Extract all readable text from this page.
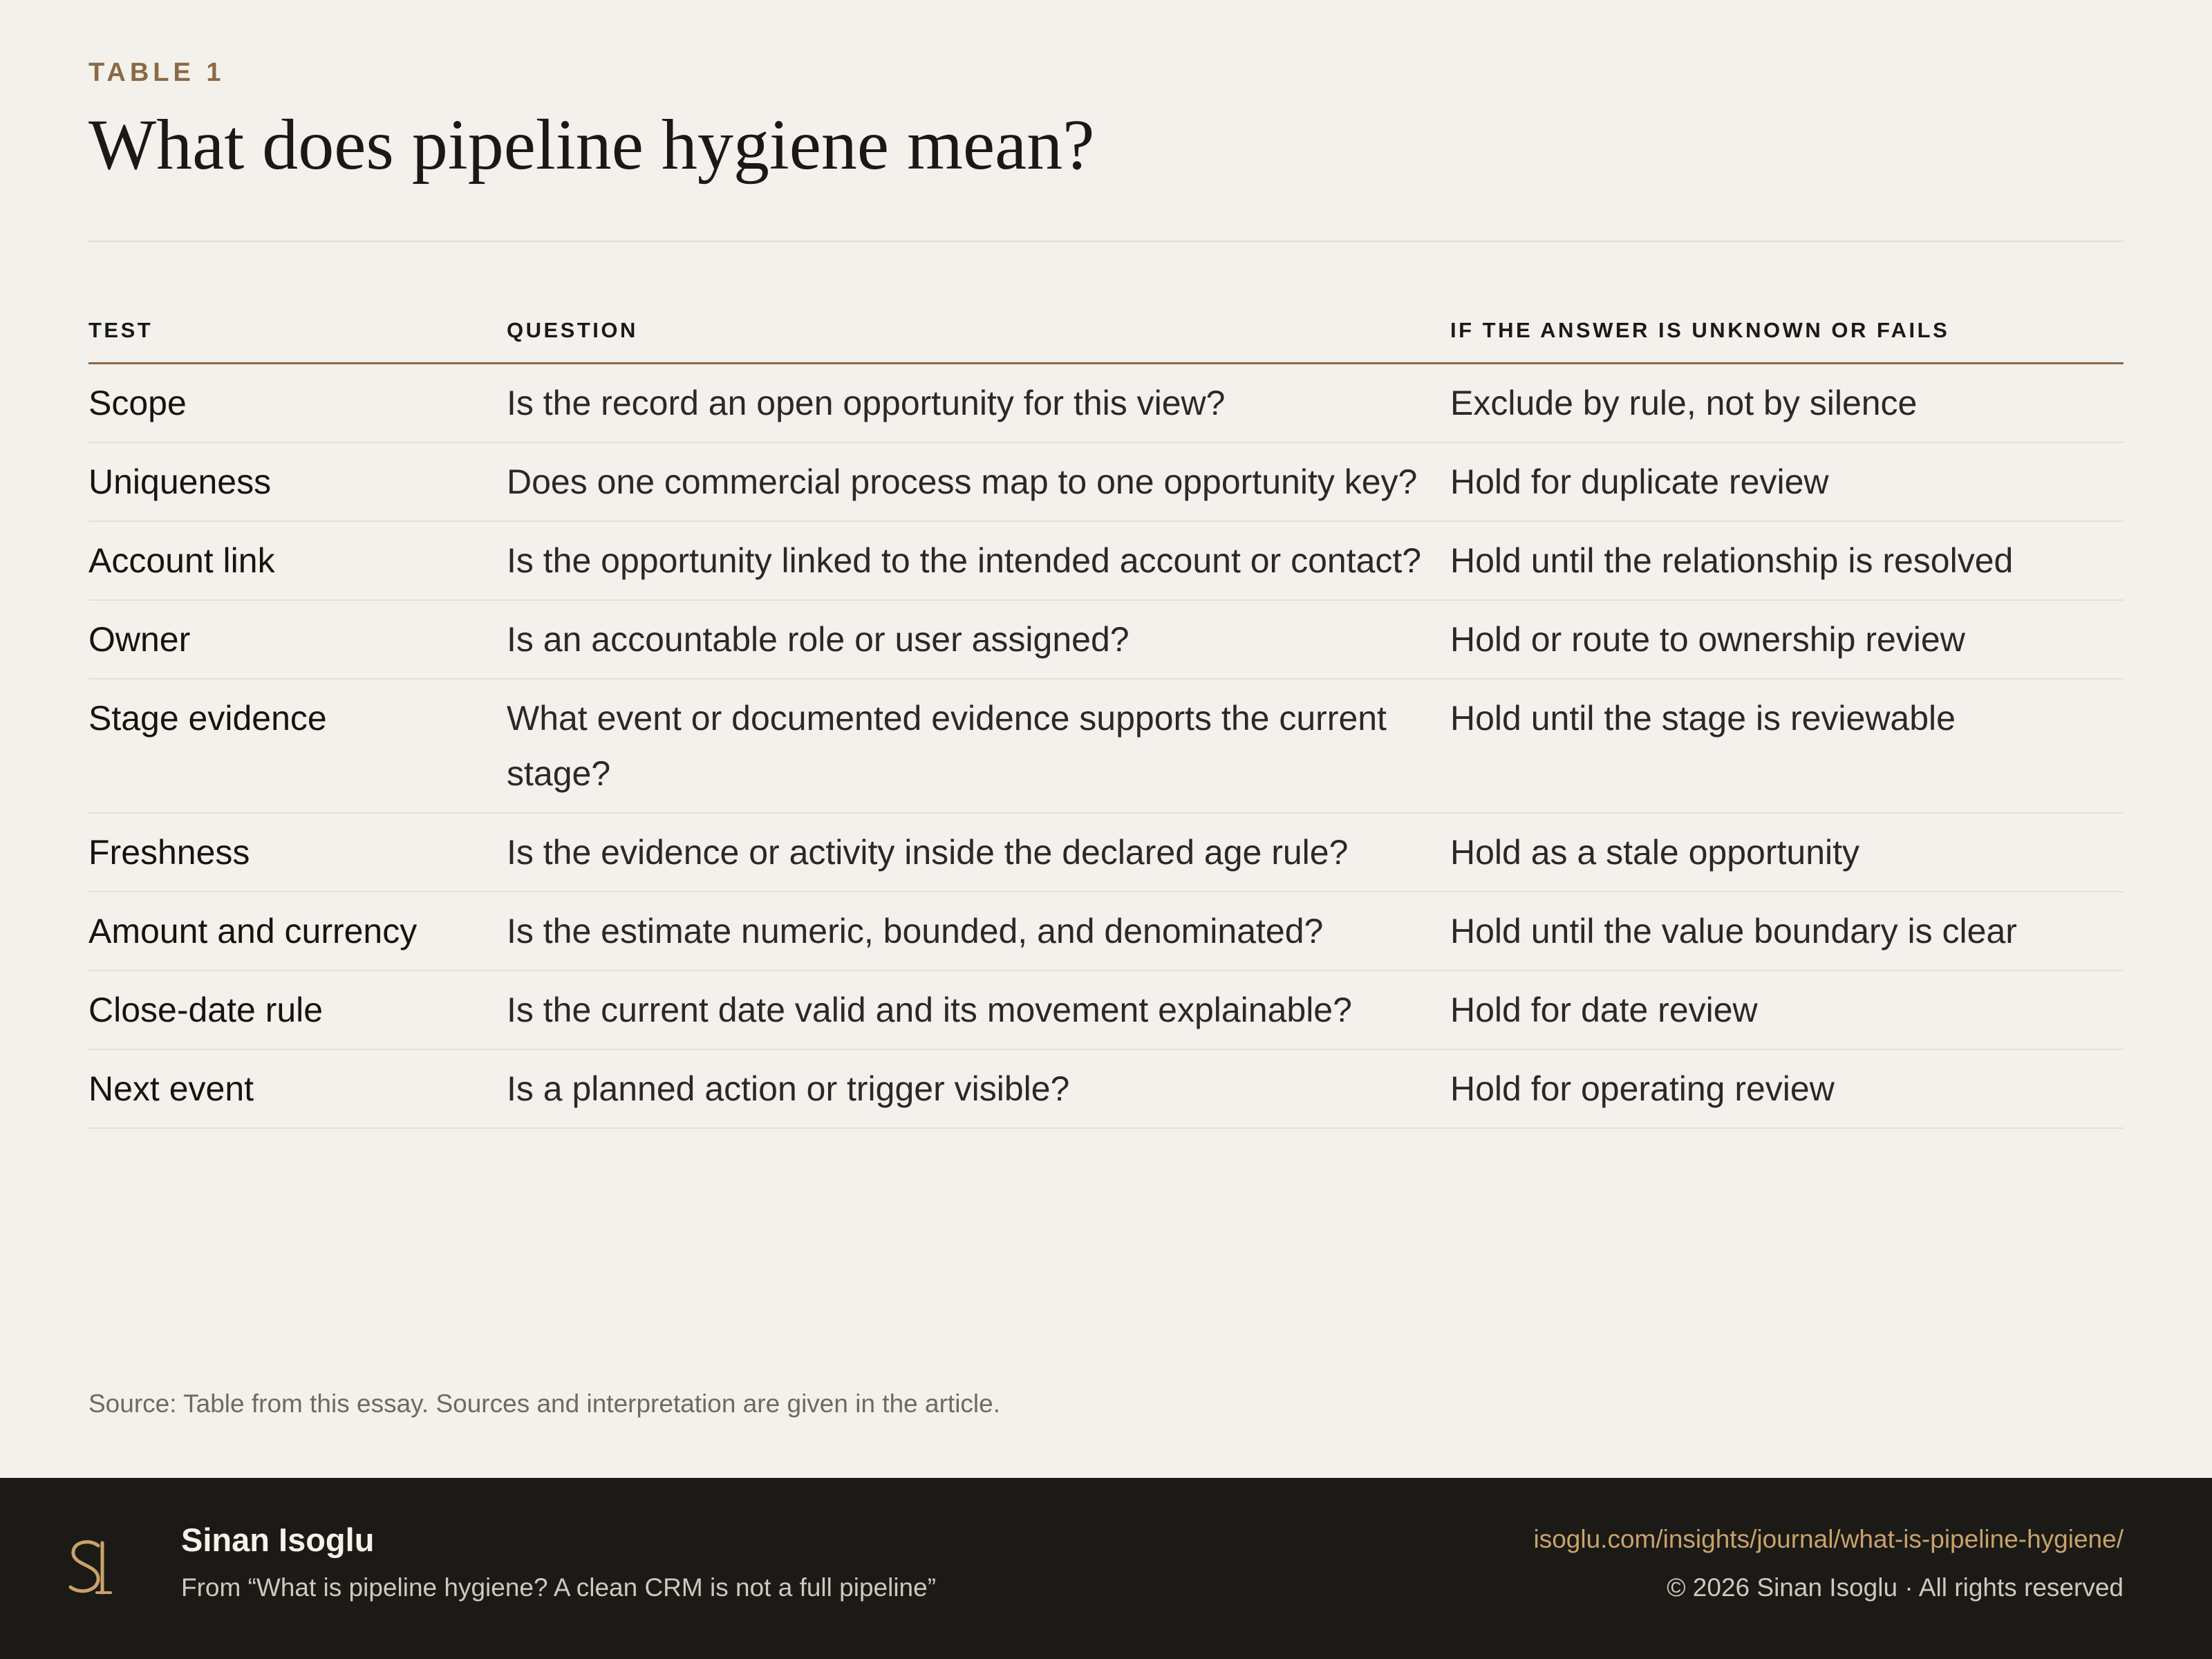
TABLE 1
What does pipeline hygiene mean?
TEST	QUESTION	IF THE ANSWER IS UNKNOWN OR FAILS
Scope	Is the record an open opportunity for this view?	Exclude by rule, not by silence
Uniqueness	Does one commercial process map to one opportunity key?	Hold for duplicate review
Account link	Is the opportunity linked to the intended account or contact?	Hold until the relationship is resolved
Owner	Is an accountable role or user assigned?	Hold or route to ownership review
Stage evidence	What event or documented evidence supports the current stage?	Hold until the stage is reviewable
Freshness	Is the evidence or activity inside the declared age rule?	Hold as a stale opportunity
Amount and currency	Is the estimate numeric, bounded, and denominated?	Hold until the value boundary is clear
Close-date rule	Is the current date valid and its movement explainable?	Hold for date review
Next event	Is a planned action or trigger visible?	Hold for operating review
Source: Table from this essay. Sources and interpretation are given in the article.
Sinan Isoglu
From “What is pipeline hygiene? A clean CRM is not a full pipeline”
isoglu.com/insights/journal/what-is-pipeline-hygiene/
© 2026 Sinan Isoglu · All rights reserved
